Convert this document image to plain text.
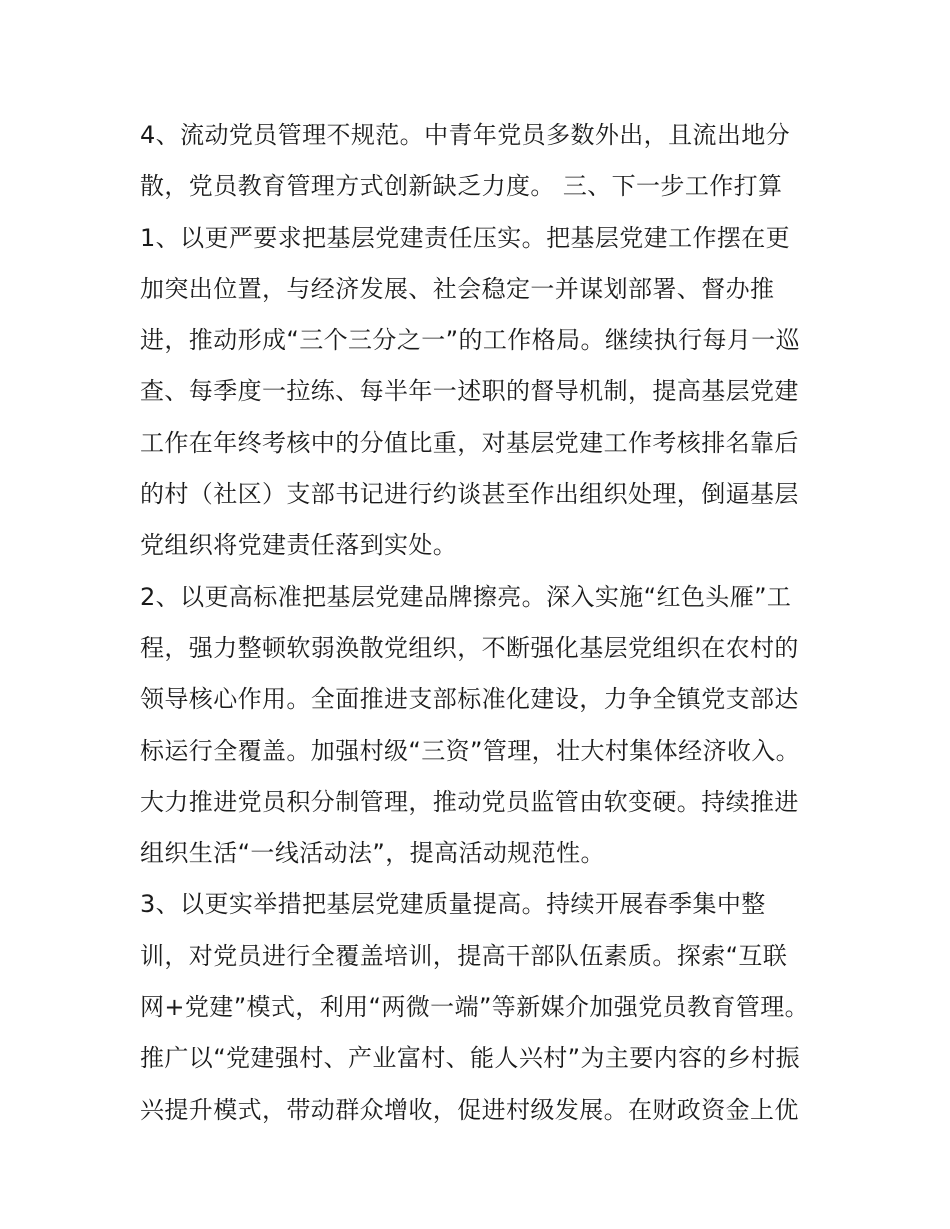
4、流动党员管理不规范。中青年党员多数外出，且流出地分
散，党员教育管理方式创新缺乏力度。 三、下一步工作打算
1、以更严要求把基层党建责任压实。把基层党建工作摆在更
加突出位置，与经济发展、社会稳定一并谋划部署、督办推
进，推动形成“三个三分之一”的工作格局。继续执行每月一巡
查、每季度一拉练、每半年一述职的督导机制，提高基层党建
工作在年终考核中的分值比重，对基层党建工作考核排名靠后
的村（社区）支部书记进行约谈甚至作出组织处理，倒逼基层
党组织将党建责任落到实处。
2、以更高标准把基层党建品牌擦亮。深入实施“红色头雁”工
程，强力整顿软弱涣散党组织，不断强化基层党组织在农村的
领导核心作用。全面推进支部标准化建设，力争全镇党支部达
标运行全覆盖。加强村级“三资”管理，壮大村集体经济收入。
大力推进党员积分制管理，推动党员监管由软变硬。持续推进
组织生活“一线活动法”，提高活动规范性。
3、以更实举措把基层党建质量提高。持续开展春季集中整
训，对党员进行全覆盖培训，提高干部队伍素质。探索“互联
网+党建”模式，利用“两微一端”等新媒介加强党员教育管理。
推广以“党建强村、产业富村、能人兴村”为主要内容的乡村振
兴提升模式，带动群众增收，促进村级发展。在财政资金上优
